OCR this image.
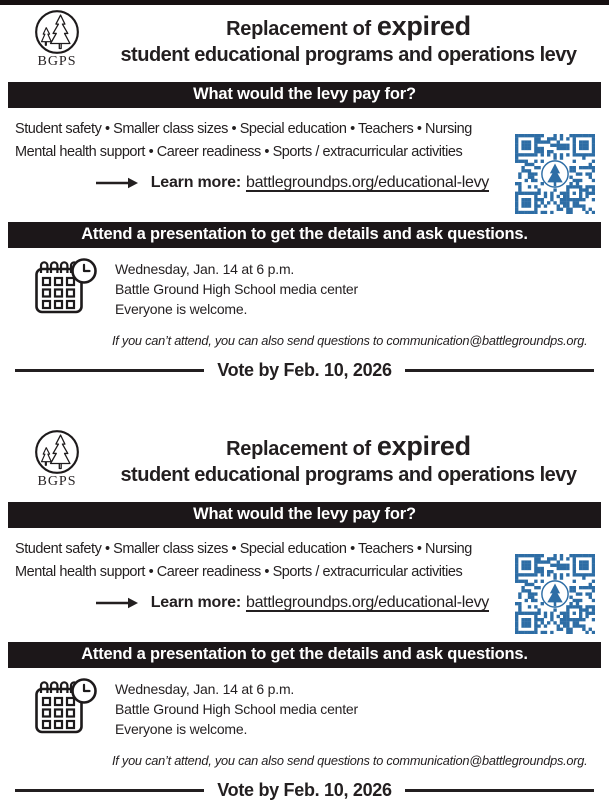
BGPS
Replacement of expired
student educational programs and operations levy
What would the levy pay for?
Student safety • Smaller class sizes • Special education • Teachers • Nursing
Mental health support • Career readiness • Sports / extracurricular activities
Learn more: battlegroundps.org/educational-levy
Attend a presentation to get the details and ask questions.
Wednesday, Jan. 14 at 6 p.m.
Battle Ground High School media center
Everyone is welcome.
If you can’t attend, you can also send questions to communication@battlegroundps.org.
Vote by Feb. 10, 2026
BGPS
Replacement of expired
student educational programs and operations levy
What would the levy pay for?
Student safety • Smaller class sizes • Special education • Teachers • Nursing
Mental health support • Career readiness • Sports / extracurricular activities
Learn more: battlegroundps.org/educational-levy
Attend a presentation to get the details and ask questions.
Wednesday, Jan. 14 at 6 p.m.
Battle Ground High School media center
Everyone is welcome.
If you can’t attend, you can also send questions to communication@battlegroundps.org.
Vote by Feb. 10, 2026
